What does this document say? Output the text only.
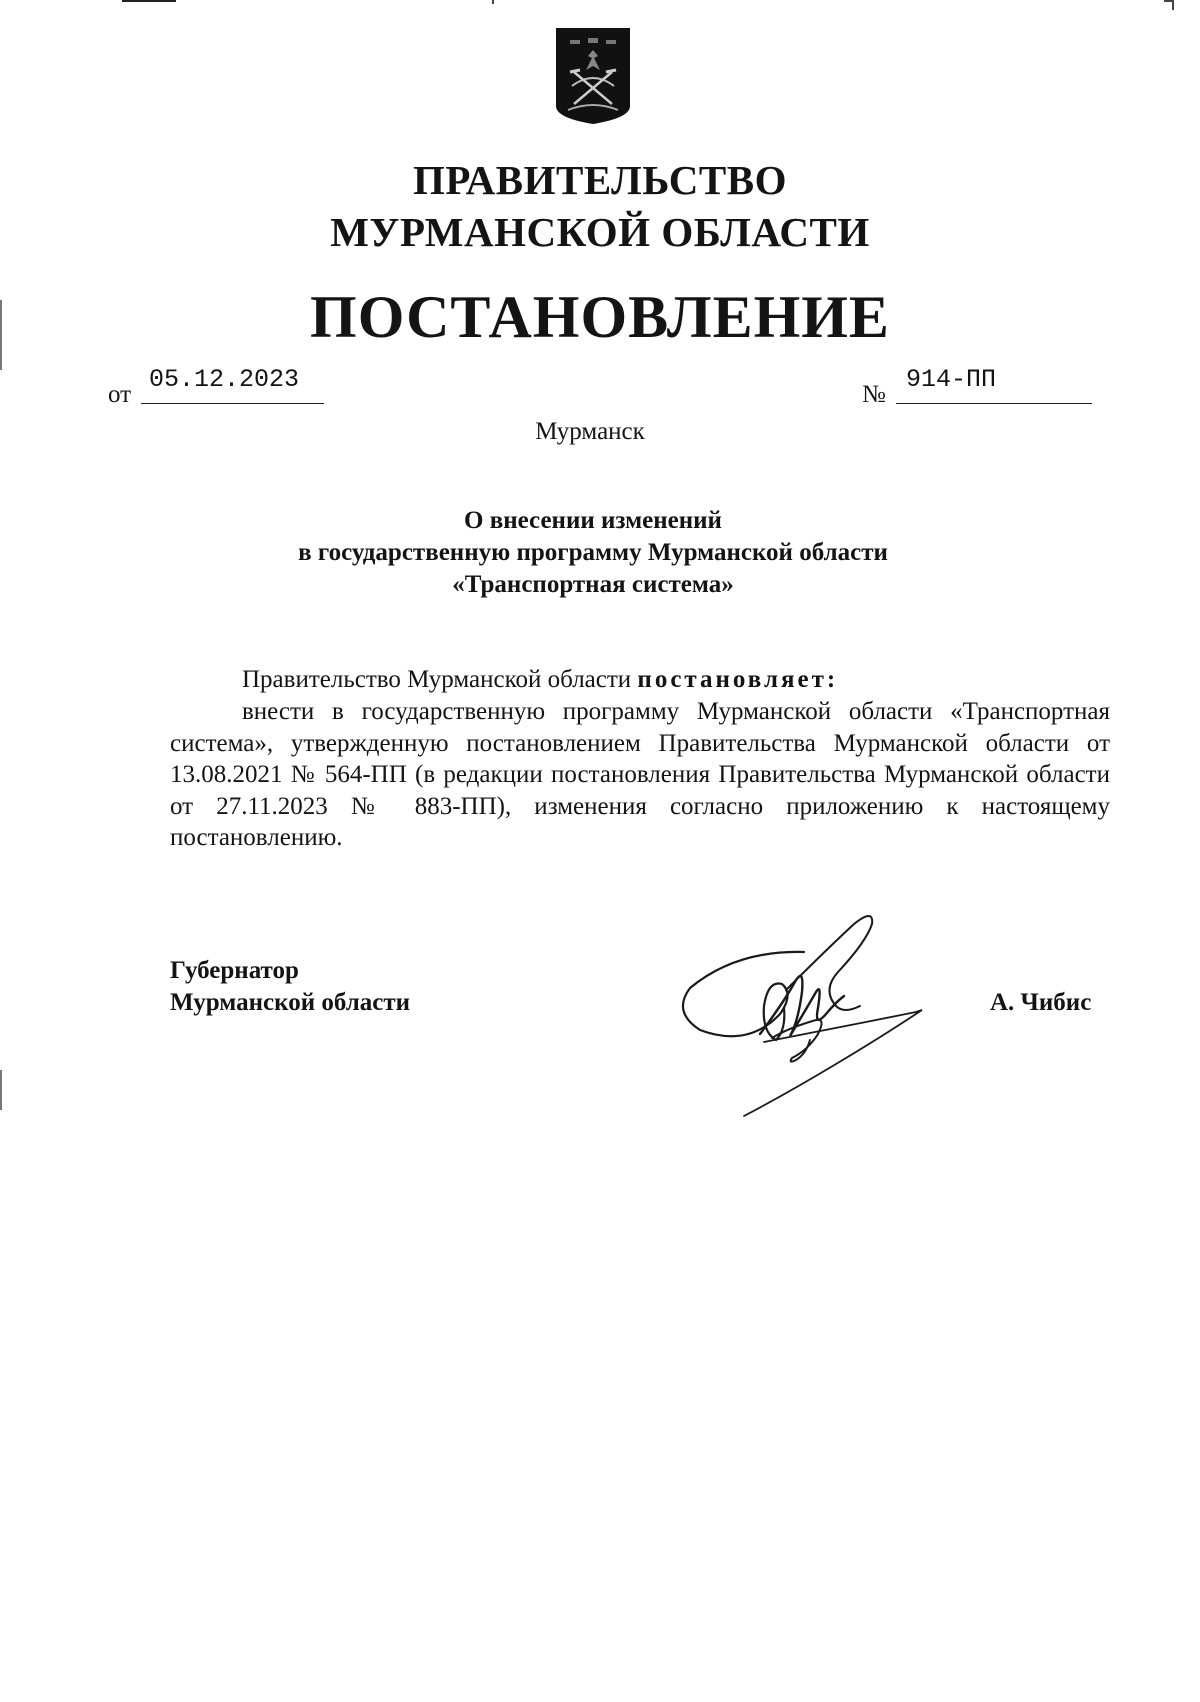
ПРАВИТЕЛЬСТВО
МУРМАНСКОЙ ОБЛАСТИ
ПОСТАНОВЛЕНИЕ
от
05.12.2023
№
914-ПП
Мурманск
О внесении изменений
в государственную программу Мурманской области
«Транспортная система»
Правительство Мурманской области постановляет:
внести в государственную программу Мурманской области «Транспортная система», утвержденную постановлением Правительства Мурманской области от 13.08.2021 № 564-ПП (в редакции постановления Правительства Мурманской области от 27.11.2023 № 883-ПП), изменения согласно приложению к настоящему постановлению.
Губернатор
Мурманской области	А. Чибис
